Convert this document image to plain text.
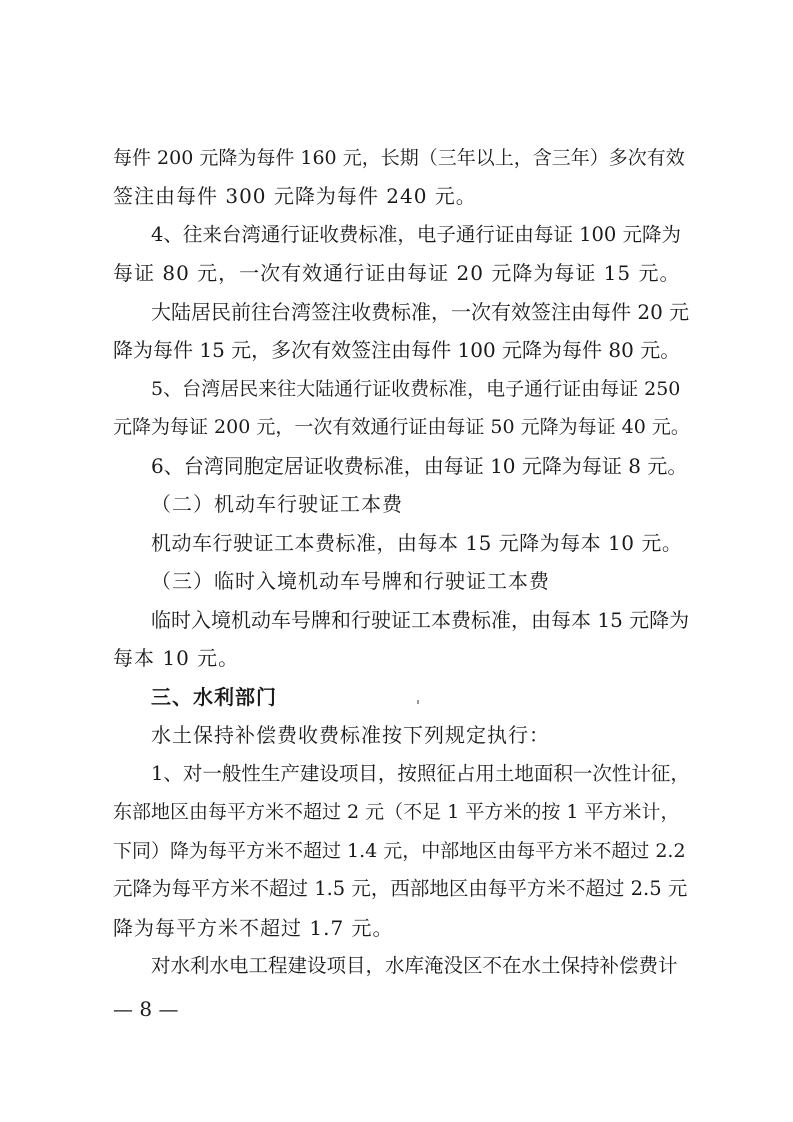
每件 200 元降为每件 160 元，长期（三年以上，含三年）多次有效
签注由每件 300 元降为每件 240 元。
4、往来台湾通行证收费标准，电子通行证由每证 100 元降为
每证 80 元，一次有效通行证由每证 20 元降为每证 15 元。
大陆居民前往台湾签注收费标准，一次有效签注由每件 20 元
降为每件 15 元，多次有效签注由每件 100 元降为每件 80 元。
5、台湾居民来往大陆通行证收费标准，电子通行证由每证 250
元降为每证 200 元，一次有效通行证由每证 50 元降为每证 40 元。
6、台湾同胞定居证收费标准，由每证 10 元降为每证 8 元。
（二）机动车行驶证工本费
机动车行驶证工本费标准，由每本 15 元降为每本 10 元。
（三）临时入境机动车号牌和行驶证工本费
临时入境机动车号牌和行驶证工本费标准，由每本 15 元降为
每本 10 元。
三、水利部门
水土保持补偿费收费标准按下列规定执行：
1、对一般性生产建设项目，按照征占用土地面积一次性计征，
东部地区由每平方米不超过 2 元（不足 1 平方米的按 1 平方米计，
下同）降为每平方米不超过 1.4 元，中部地区由每平方米不超过 2.2
元降为每平方米不超过 1.5 元，西部地区由每平方米不超过 2.5 元
降为每平方米不超过 1.7 元。
对水利水电工程建设项目，水库淹没区不在水土保持补偿费计
— 8 —
